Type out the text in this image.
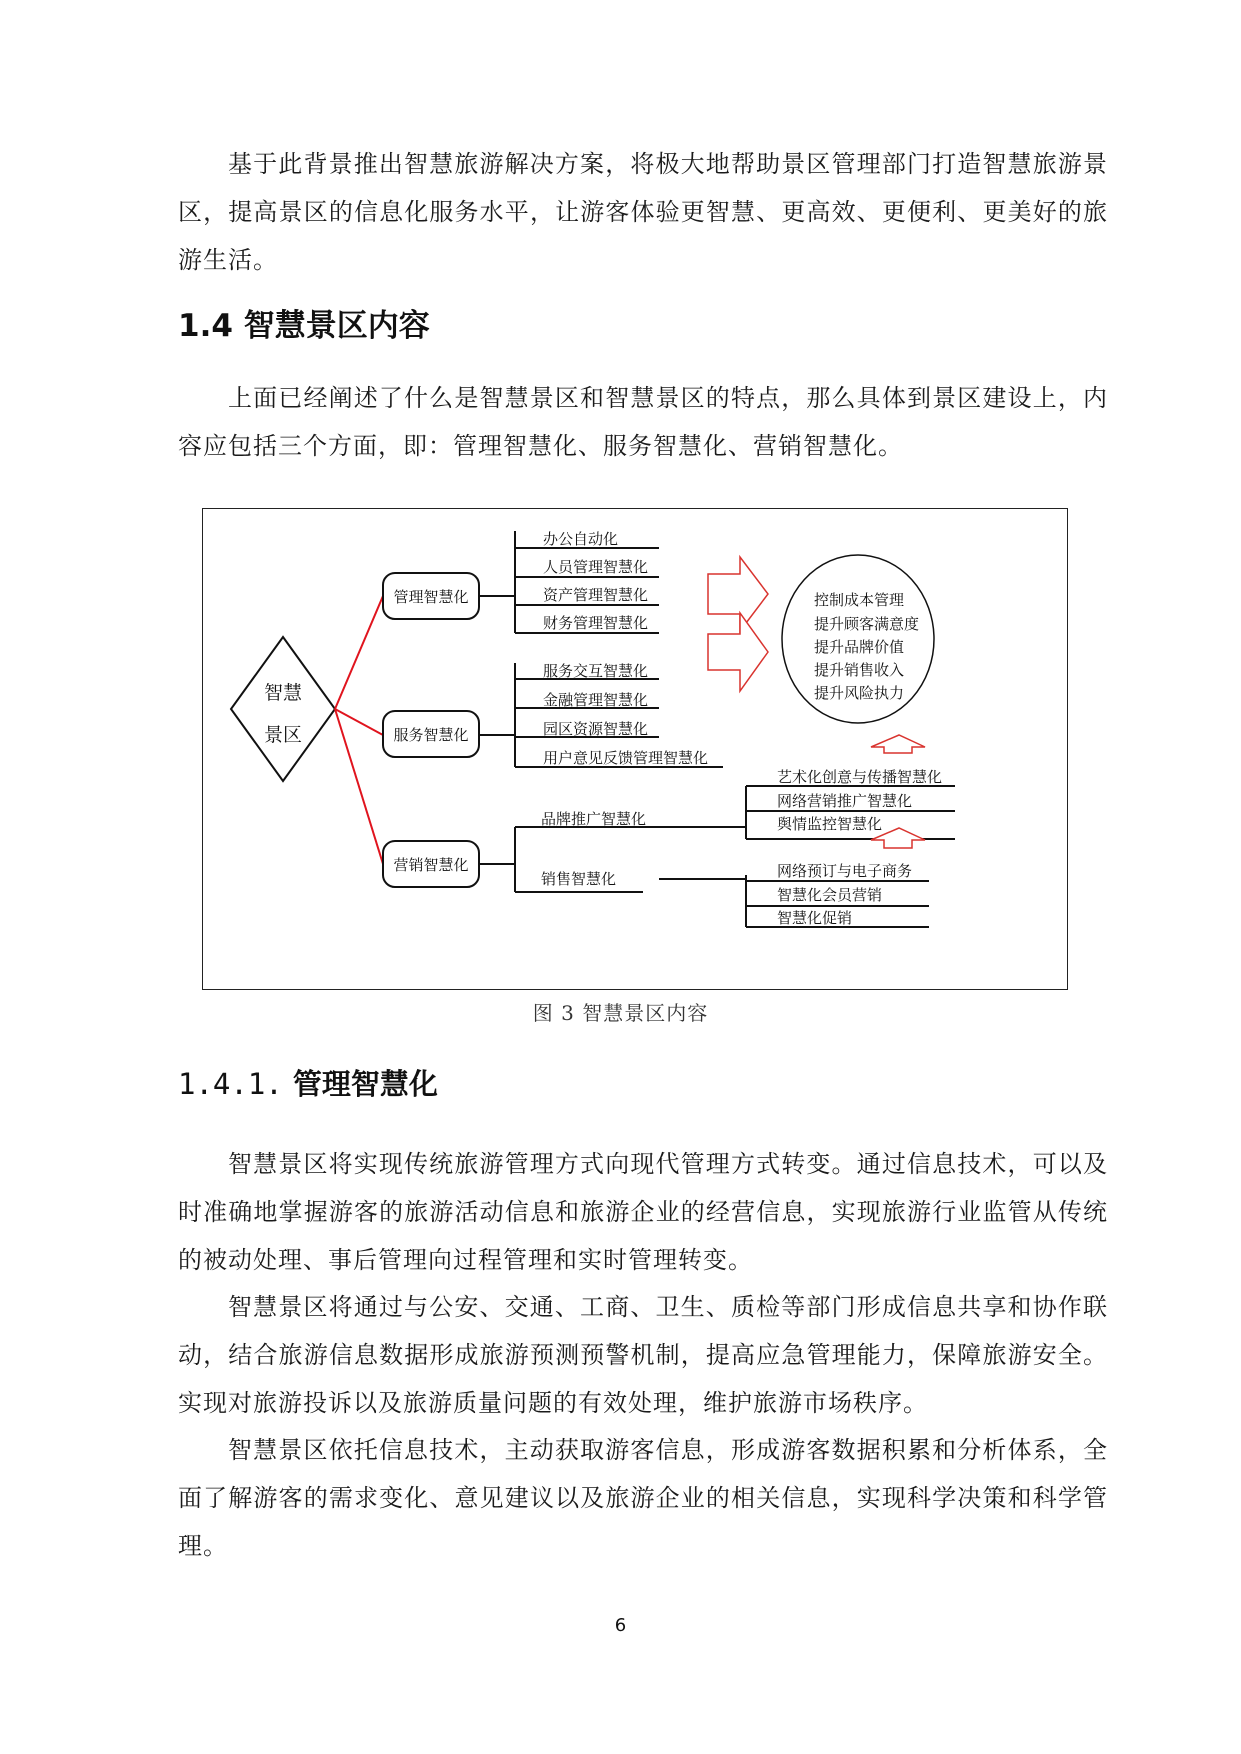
基于此背景推出智慧旅游解决方案，将极大地帮助景区管理部门打造智慧旅游景区，提高景区的信息化服务水平，让游客体验更智慧、更高效、更便利、更美好的旅游生活。

1.4 智慧景区内容

上面已经阐述了什么是智慧景区和智慧景区的特点，那么具体到景区建设上，内容应包括三个方面，即：管理智慧化、服务智慧化、营销智慧化。

智慧
景区
管理智慧化
服务智慧化
营销智慧化
办公自动化
人员管理智慧化
资产管理智慧化
财务管理智慧化
服务交互智慧化
金融管理智慧化
园区资源智慧化
用户意见反馈管理智慧化
品牌推广智慧化
销售智慧化
艺术化创意与传播智慧化
网络营销推广智慧化
舆情监控智慧化
网络预订与电子商务
智慧化会员营销
智慧化促销
控制成本管理
提升顾客满意度
提升品牌价值
提升销售收入
提升风险执力
图 3 智慧景区内容
1.4.1. 管理智慧化

智慧景区将实现传统旅游管理方式向现代管理方式转变。通过信息技术，可以及时准确地掌握游客的旅游活动信息和旅游企业的经营信息，实现旅游行业监管从传统的被动处理、事后管理向过程管理和实时管理转变。

智慧景区将通过与公安、交通、工商、卫生、质检等部门形成信息共享和协作联动，结合旅游信息数据形成旅游预测预警机制，提高应急管理能力，保障旅游安全。实现对旅游投诉以及旅游质量问题的有效处理，维护旅游市场秩序。

智慧景区依托信息技术，主动获取游客信息，形成游客数据积累和分析体系，全面了解游客的需求变化、意见建议以及旅游企业的相关信息，实现科学决策和科学管理。

6
